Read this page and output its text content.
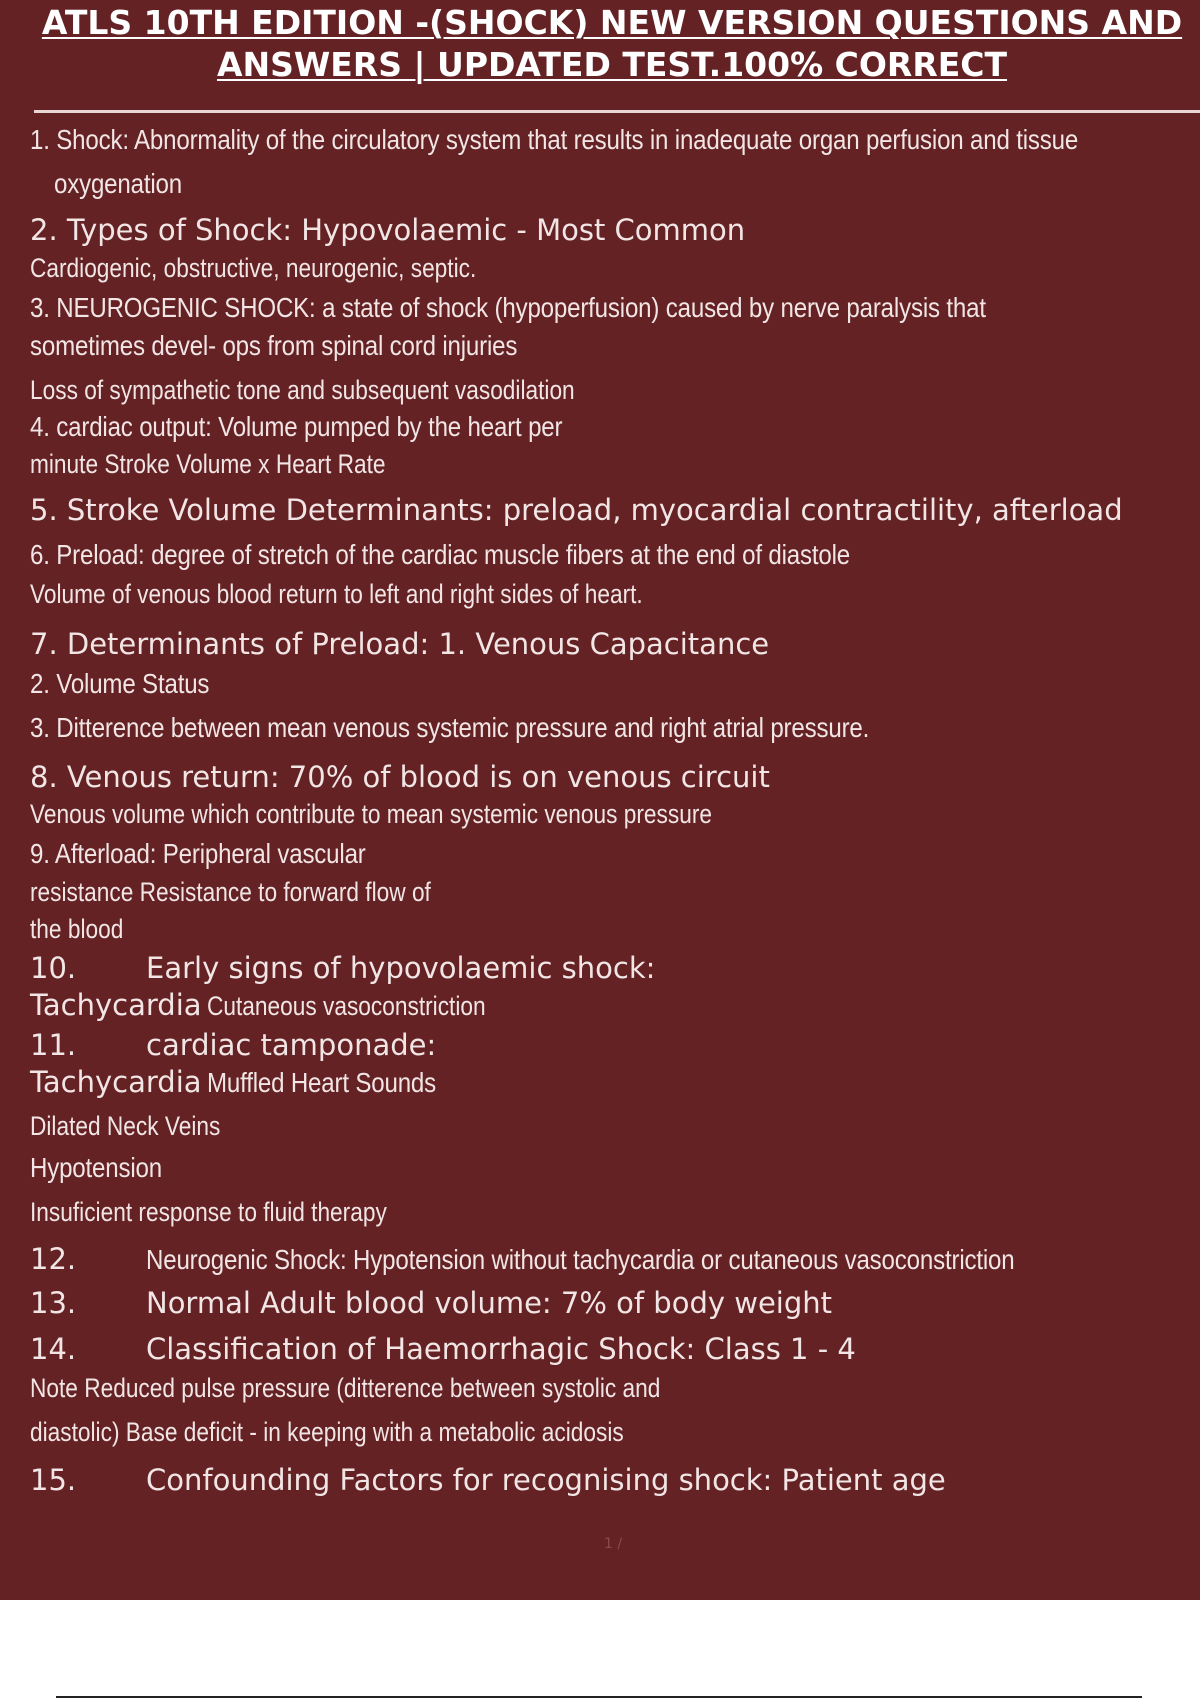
ATLS 10TH EDITION -(SHOCK) NEW VERSION QUESTIONS AND
ANSWERS | UPDATED TEST.100% CORRECT
1. Shock: Abnormality of the circulatory system that results in inadequate organ perfusion and tissue
oxygenation
2. Types of Shock: Hypovolaemic - Most Common
Cardiogenic, obstructive, neurogenic, septic.
3. NEUROGENIC SHOCK: a state of shock (hypoperfusion) caused by nerve paralysis that
sometimes devel- ops from spinal cord injuries
Loss of sympathetic tone and subsequent vasodilation
4. cardiac output: Volume pumped by the heart per
minute Stroke Volume x Heart Rate
5. Stroke Volume Determinants: preload, myocardial contractility, afterload
6. Preload: degree of stretch of the cardiac muscle fibers at the end of diastole
Volume of venous blood return to left and right sides of heart.
7. Determinants of Preload: 1. Venous Capacitance
2. Volume Status
3. Ditterence between mean venous systemic pressure and right atrial pressure.
8. Venous return: 70% of blood is on venous circuit
Venous volume which contribute to mean systemic venous pressure
9. Afterload: Peripheral vascular
resistance Resistance to forward flow of
the blood
10. Early signs of hypovolaemic shock:
Tachycardia Cutaneous vasoconstriction
11. cardiac tamponade:
Tachycardia Muffled Heart Sounds
Dilated Neck Veins
Hypotension
Insuficient response to fluid therapy
12. Neurogenic Shock: Hypotension without tachycardia or cutaneous vasoconstriction
13. Normal Adult blood volume: 7% of body weight
14. Classification of Haemorrhagic Shock: Class 1 - 4
Note Reduced pulse pressure (ditterence between systolic and
diastolic) Base deficit - in keeping with a metabolic acidosis
15. Confounding Factors for recognising shock: Patient age
1 /
